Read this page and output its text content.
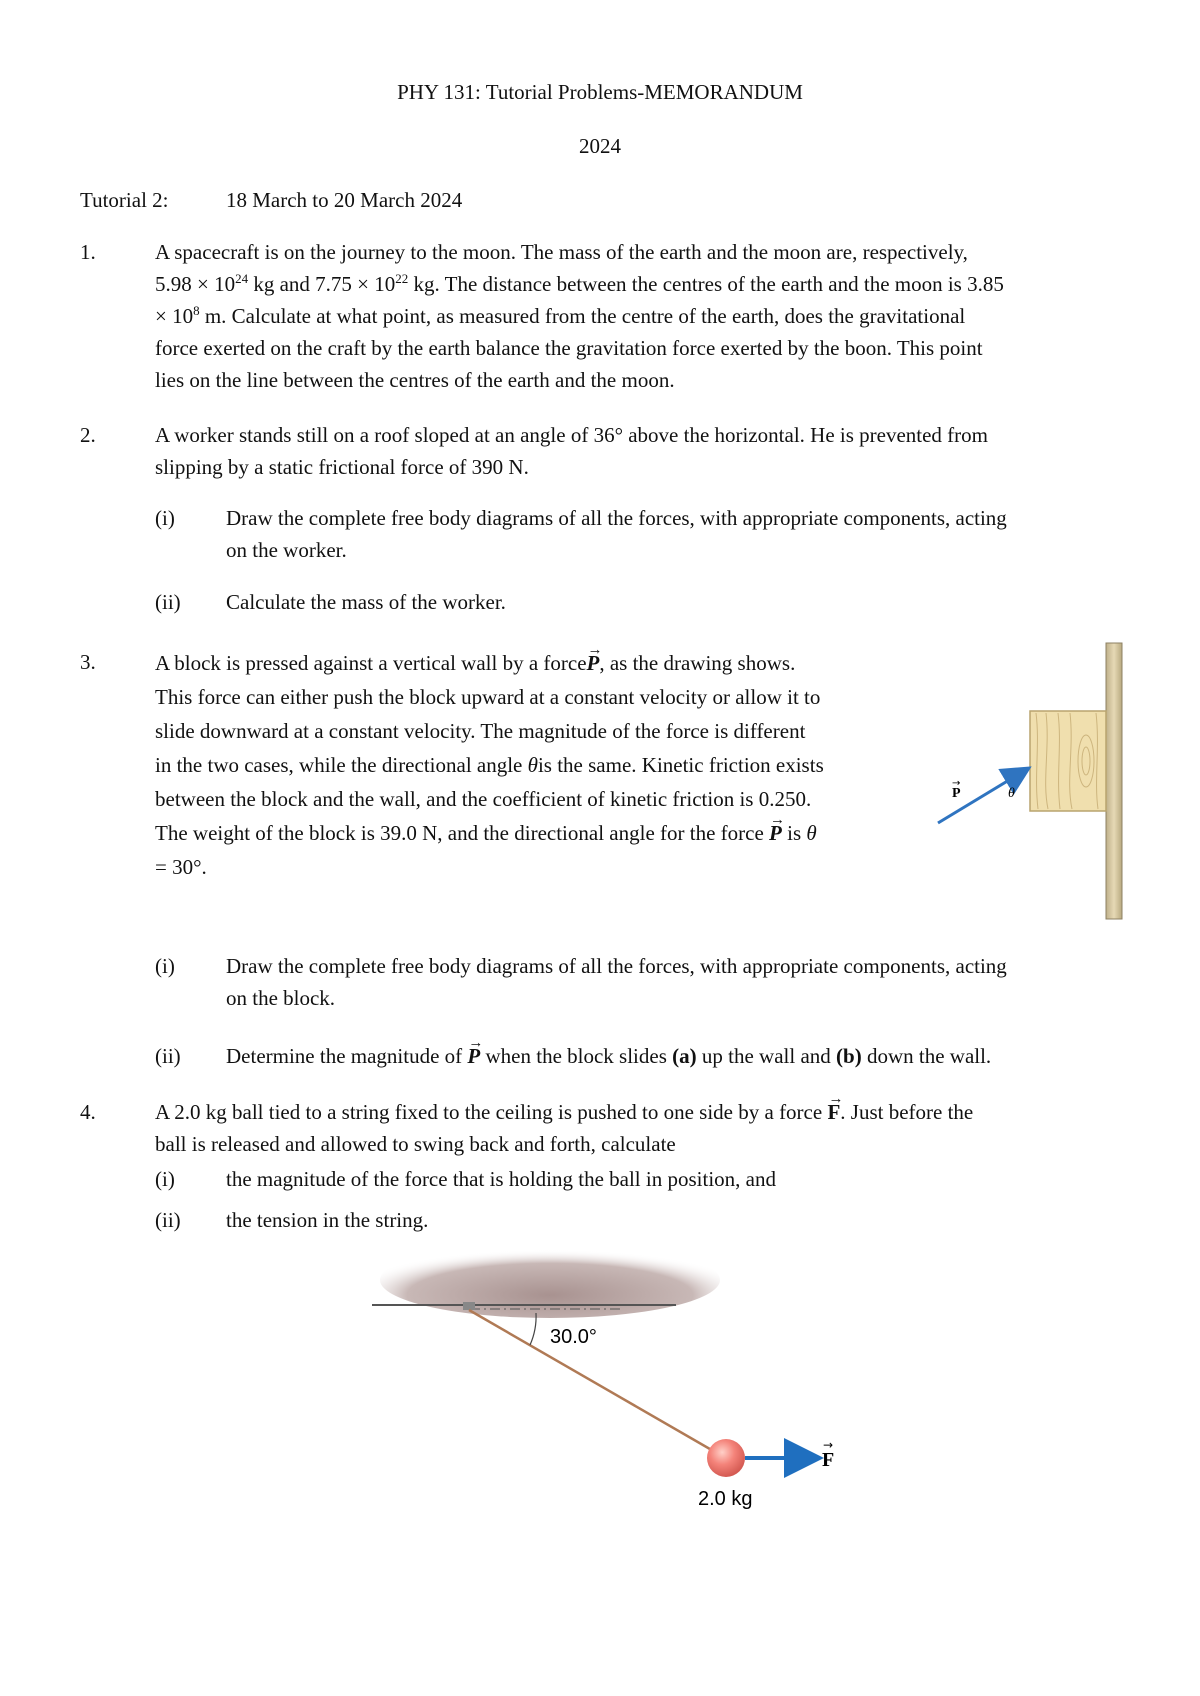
PHY 131: Tutorial Problems-MEMORANDUM
2024
Tutorial 2:	18 March to 20 March 2024
1.	A spacecraft is on the journey to the moon. The mass of the earth and the moon are, respectively,
$5.98 \times 10^{24}$ kg and $7.75 \times 10^{22}$ kg. The distance between the centres of the earth and the moon is 3.85
× $10^8$ m. Calculate at what point, as measured from the centre of the earth, does the gravitational
force exerted on the craft by the earth balance the gravitation force exerted by the boon. This point
lies on the line between the centres of the earth and the moon.
2.	A worker stands still on a roof sloped at an angle of 36° above the horizontal. He is prevented from
slipping by a static frictional force of 390 N.
(i) Draw the complete free body diagrams of all the forces, with appropriate components, acting
on the worker.
(ii) Calculate the mass of the worker.
3.	A block is pressed against a vertical wall by a force→ P, as the drawing shows.
This force can either push the block upward at a constant velocity or allow it to
slide downward at a constant velocity. The magnitude of the force is different
in the two cases, while the directional angle θis the same. Kinetic friction exists
between the block and the wall, and the coefficient of kinetic friction is 0.250.
The weight of the block is 39.0 N, and the directional angle for the force → P is θ
= 30°.
P
→
θ
(i) Draw the complete free body diagrams of all the forces, with appropriate components, acting
on the block.
(ii) Determine the magnitude of → P when the block slides (a) up the wall and (b) down the wall.
4.	A 2.0 kg ball tied to a string fixed to the ceiling is pushed to one side by a force → F. Just before the
ball is released and allowed to swing back and forth, calculate
(i) the magnitude of the force that is holding the ball in position, and
(ii) the tension in the string.
30.0°
F
→
2.0 kg
